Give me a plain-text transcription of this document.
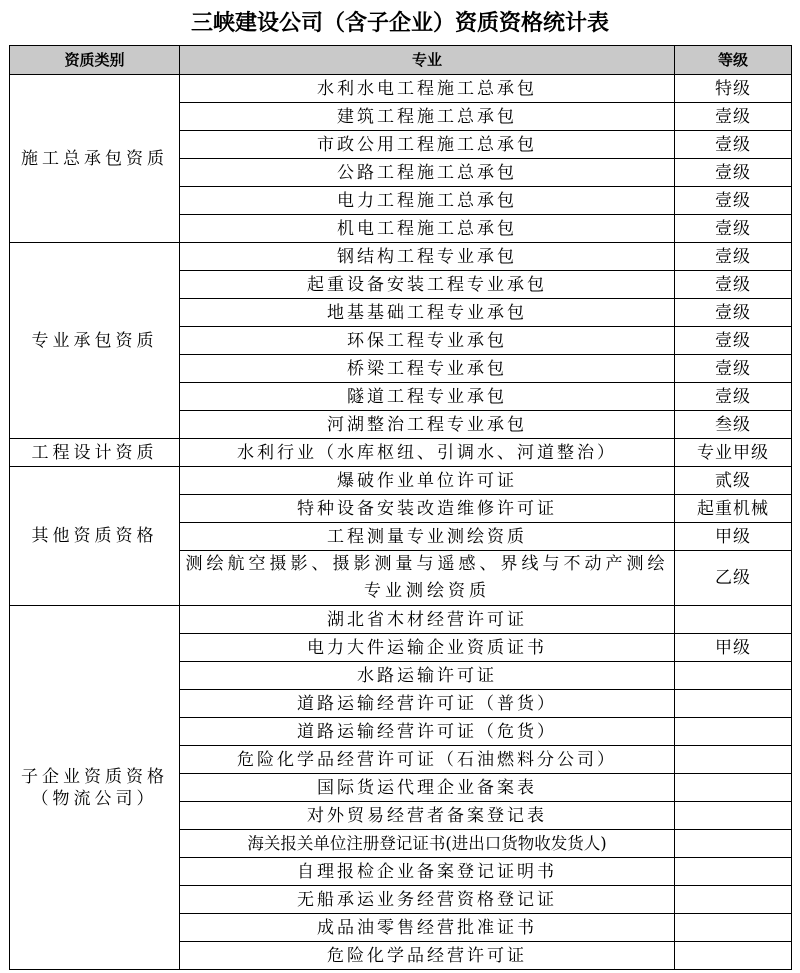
三峡建设公司（含子企业）资质资格统计表
资质类别	专业	等级
施工总承包资质	水利水电工程施工总承包	特级
	建筑工程施工总承包	壹级
	市政公用工程施工总承包	壹级
	公路工程施工总承包	壹级
	电力工程施工总承包	壹级
	机电工程施工总承包	壹级
专业承包资质	钢结构工程专业承包	壹级
	起重设备安装工程专业承包	壹级
	地基基础工程专业承包	壹级
	环保工程专业承包	壹级
	桥梁工程专业承包	壹级
	隧道工程专业承包	壹级
	河湖整治工程专业承包	叁级
工程设计资质	水利行业（水库枢纽、引调水、河道整治）	专业甲级
其他资质资格	爆破作业单位许可证	贰级
	特种设备安装改造维修许可证	起重机械
	工程测量专业测绘资质	甲级
	测绘航空摄影、摄影测量与遥感、界线与不动产测绘专业测绘资质	乙级
子企业资质资格（物流公司）	湖北省木材经营许可证	
	电力大件运输企业资质证书	甲级
	水路运输许可证	
	道路运输经营许可证（普货）	
	道路运输经营许可证（危货）	
	危险化学品经营许可证（石油燃料分公司）	
	国际货运代理企业备案表	
	对外贸易经营者备案登记表	
	海关报关单位注册登记证书(进出口货物收发货人)	
	自理报检企业备案登记证明书	
	无船承运业务经营资格登记证	
	成品油零售经营批准证书	
	危险化学品经营许可证	
